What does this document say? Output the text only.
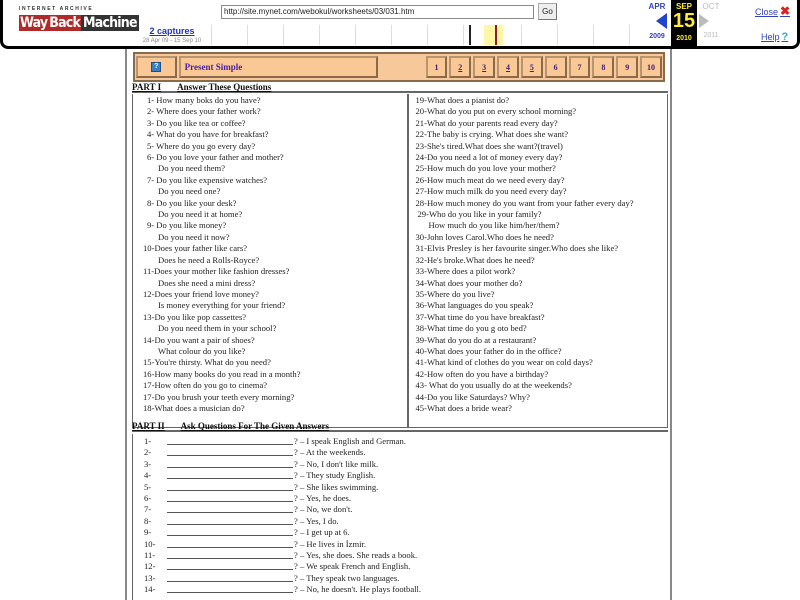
INTERNET ARCHIVE
Way Back Machine
http://site.mynet.com/webokul/worksheets/03/031.htm	Go
2 captures
28 Apr 09 - 15 Sep 10
APR
2009
SEP
15
2010
OCT
2011
Close ✖
Help ?
?	Present Simple	1	2	3	4	5	6	7	8	9	10
PART I Answer These Questions
1- How many boks do you have?
2- Where does your father work?
3- Do you like tea or coffee?
4- What do you have for breakfast?
5- Where do you go every day?
6- Do you love your father and mother?
Do you need them?
7- Do you like expensive watches?
Do you need one?
8- Do you like your desk?
Do you need it at home?
9- Do you like money?
Do you need it now?
10-Does your father like cars?
Does he need a Rolls-Royce?
11-Does your mother like fashion dresses?
Does she need a mini dress?
12-Does your friend love money?
Is money everything for your friend?
13-Do you like pop cassettes?
Do you need them in your school?
14-Do you want a pair of shoes?
What colour do you like?
15-You're thirsty. What do you need?
16-How many books do you read in a month?
17-How often do you go to cinema?
17-Do you brush your teeth every morning?
18-What does a musician do?
19-What does a pianist do?
20-What do you put on every school morning?
21-What do your parents read every day?
22-The baby is crying. What does she want?
23-She's tired.What does she want?(travel)
24-Do you need a lot of money every day?
25-How much do you love your mother?
26-How much meat do we need every day?
27-How much milk do you need every day?
28-How much money do you want from your father every day?
29-Who do you like in your family?
How much do you like him/her/them?
30-John loves Carol.Who does he need?
31-Elvis Presley is her favourite singer.Who does she like?
32-He's broke.What does he need?
33-Where does a pilot work?
34-What does your mother do?
35-Where do you live?
36-What languages do you speak?
37-What time do you have breakfast?
38-What time do you g oto bed?
39-What do you do at a restaurant?
40-What does your father do in the office?
41-What kind of clothes do you wear on cold days?
42-How often do you have a birthday?
43- What do you usually do at the weekends?
44-Do you like Saturdays? Why?
45-What does a bride wear?
PART II Ask Questions For The Given Answers
1-	? – I speak English and German.
2-	? – At the weekends.
3-	? – No, I don't like milk.
4-	? – They study English.
5-	? – She likes swimming.
6-	? – Yes, he does.
7-	? – No, we don't.
8-	? – Yes, I do.
9-	? – I get up at 6.
10-	? – He lives in İzmir.
11-	? – Yes, she does. She reads a book.
12-	? – We speak French and English.
13-	? – They speak two languages.
14-	? – No, he doesn't. He plays football.
